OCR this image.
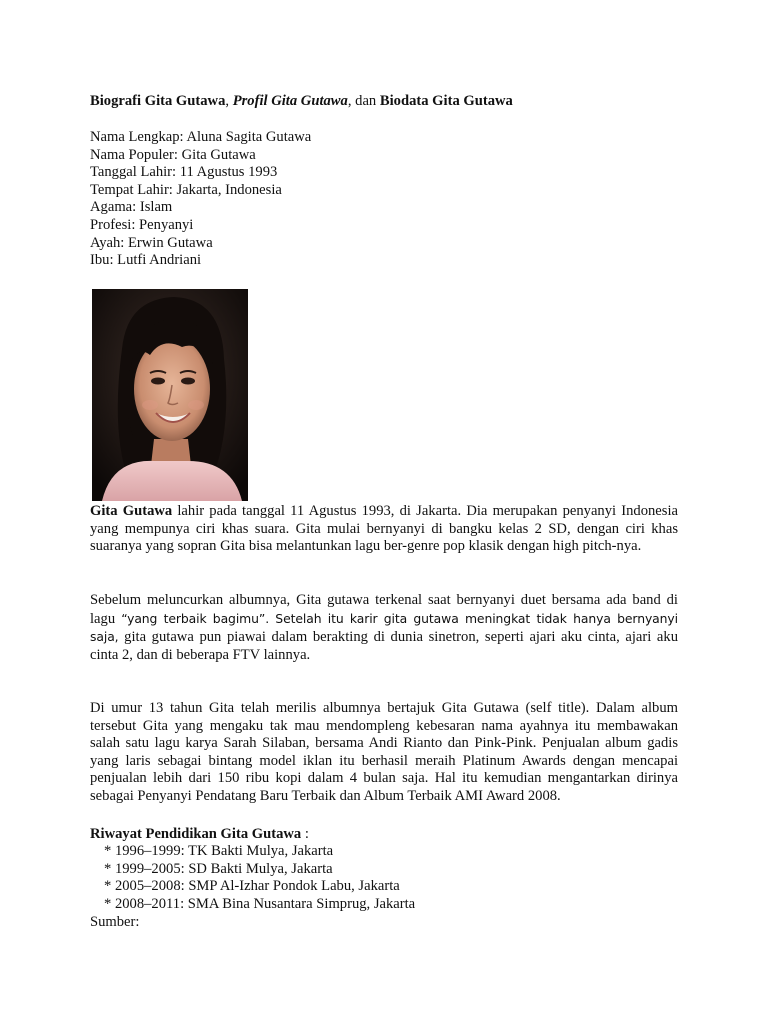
Biografi Gita Gutawa, Profil Gita Gutawa, dan Biodata Gita Gutawa
Nama Lengkap: Aluna Sagita Gutawa
Nama Populer: Gita Gutawa
Tanggal Lahir: 11 Agustus 1993
Tempat Lahir: Jakarta, Indonesia
Agama: Islam
Profesi: Penyanyi
Ayah: Erwin Gutawa
Ibu: Lutfi Andriani

Gita Gutawa lahir pada tanggal 11 Agustus 1993, di Jakarta. Dia merupakan penyanyi Indonesia yang mempunya ciri khas suara. Gita mulai bernyanyi di bangku kelas 2 SD, dengan ciri khas suaranya yang sopran Gita bisa melantunkan lagu ber-genre pop klasik dengan high pitch-nya.

Sebelum meluncurkan albumnya, Gita gutawa terkenal saat bernyanyi duet bersama ada band di lagu “yang terbaik bagimu”. Setelah itu karir gita gutawa meningkat tidak hanya bernyanyi saja, gita gutawa pun piawai dalam berakting di dunia sinetron, seperti ajari aku cinta, ajari aku cinta 2, dan di beberapa FTV lainnya.

Di umur 13 tahun Gita telah merilis albumnya bertajuk Gita Gutawa (self title). Dalam album tersebut Gita yang mengaku tak mau mendompleng kebesaran nama ayahnya itu membawakan salah satu lagu karya Sarah Silaban, bersama Andi Rianto dan Pink-Pink. Penjualan album gadis yang laris sebagai bintang model iklan itu berhasil meraih Platinum Awards dengan mencapai penjualan lebih dari 150 ribu kopi dalam 4 bulan saja. Hal itu kemudian mengantarkan dirinya sebagai Penyanyi Pendatang Baru Terbaik dan Album Terbaik AMI Award 2008.

Riwayat Pendidikan Gita Gutawa :
* 1996–1999: TK Bakti Mulya, Jakarta
* 1999–2005: SD Bakti Mulya, Jakarta
* 2005–2008: SMP Al-Izhar Pondok Labu, Jakarta
* 2008–2011: SMA Bina Nusantara Simprug, Jakarta
Sumber:
